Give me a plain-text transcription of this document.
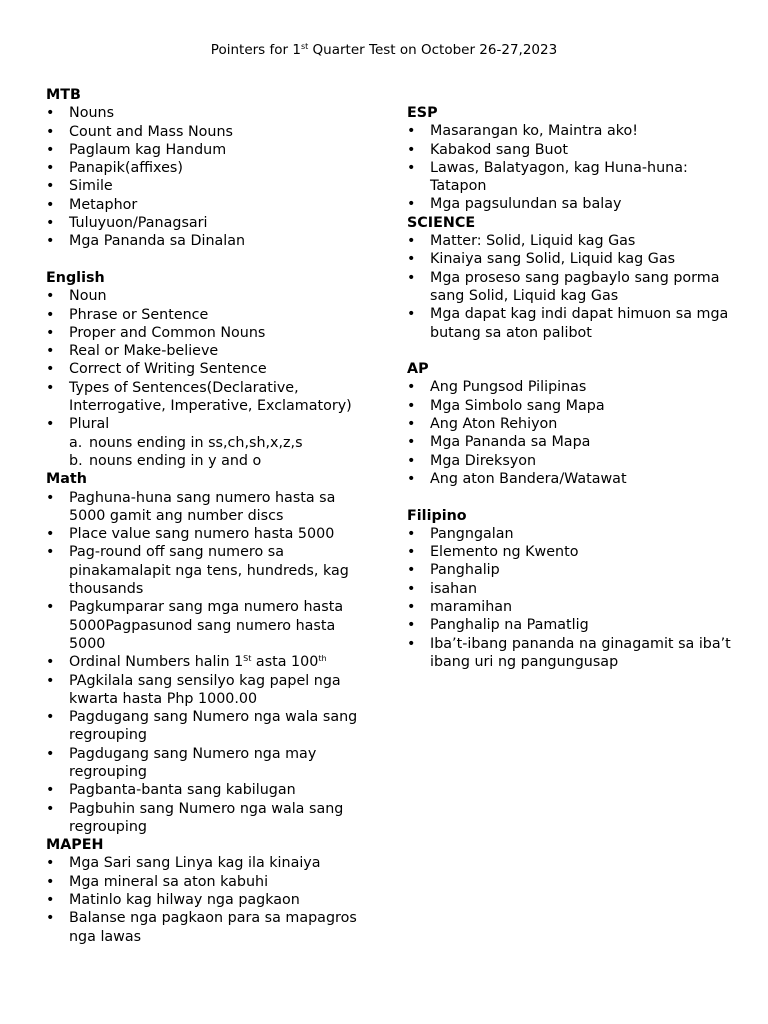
Pointers for 1st Quarter Test on October 26-27,2023
MTB
• Nouns
• Count and Mass Nouns
• Paglaum kag Handum
• Panapik(affixes)
• Simile
• Metaphor
• Tuluyuon/Panagsari
• Mga Pananda sa Dinalan
English
• Noun
• Phrase or Sentence
• Proper and Common Nouns
• Real or Make-believe
• Correct of Writing Sentence
• Types of Sentences(Declarative, Interrogative, Imperative, Exclamatory)
• Plural
a. nouns ending in ss,ch,sh,x,z,s
b. nouns ending in y and o
Math
• Paghuna-huna sang numero hasta sa 5000 gamit ang number discs
• Place value sang numero hasta 5000
• Pag-round off sang numero sa pinakamalapit nga tens, hundreds, kag thousands
• Pagkumparar sang mga numero hasta 5000Pagpasunod sang numero hasta 5000
• Ordinal Numbers halin 1St asta 100th
• PAgkilala sang sensilyo kag papel nga kwarta hasta Php 1000.00
• Pagdugang sang Numero nga wala sang regrouping
• Pagdugang sang Numero nga may regrouping
• Pagbanta-banta sang kabilugan
• Pagbuhin sang Numero nga wala sang regrouping
MAPEH
• Mga Sari sang Linya kag ila kinaiya
• Mga mineral sa aton kabuhi
• Matinlo kag hilway nga pagkaon
• Balanse nga pagkaon para sa mapagros nga lawas
ESP
• Masarangan ko, Maintra ako!
• Kabakod sang Buot
• Lawas, Balatyagon, kag Huna-huna: Tatapon
• Mga pagsulundan sa balay
SCIENCE
• Matter: Solid, Liquid kag Gas
• Kinaiya sang Solid, Liquid kag Gas
• Mga proseso sang pagbaylo sang porma sang Solid, Liquid kag Gas
• Mga dapat kag indi dapat himuon sa mga butang sa aton palibot
AP
• Ang Pungsod Pilipinas
• Mga Simbolo sang Mapa
• Ang Aton Rehiyon
• Mga Pananda sa Mapa
• Mga Direksyon
• Ang aton Bandera/Watawat
Filipino
• Pangngalan
• Elemento ng Kwento
• Panghalip
• isahan
• maramihan
• Panghalip na Pamatlig
• Iba’t-ibang pananda na ginagamit sa iba’t ibang uri ng pangungusap
